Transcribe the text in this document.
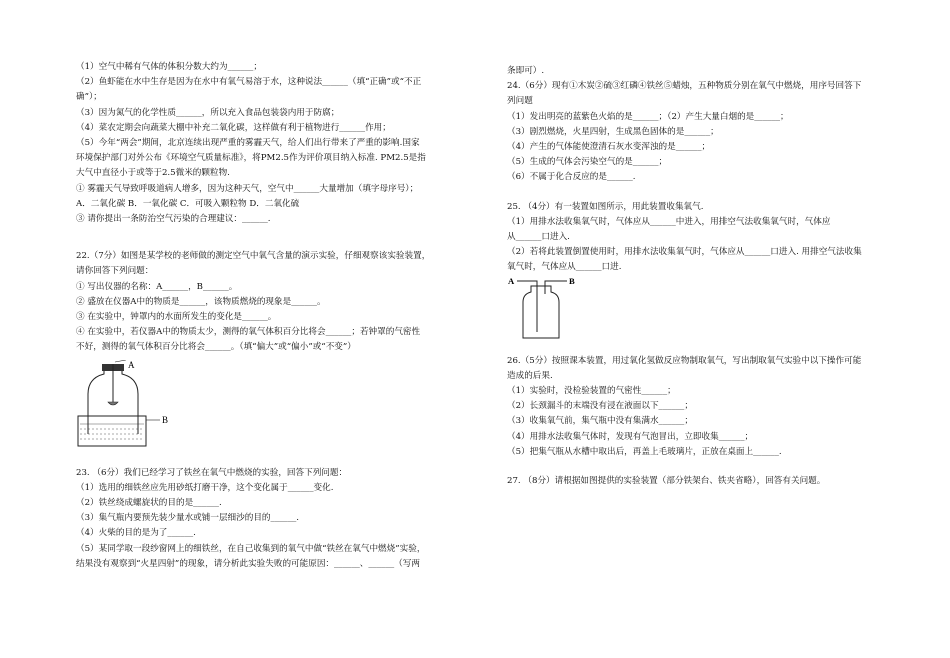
（1）空气中稀有气体的体积分数大约为______；
（2）鱼虾能在水中生存是因为在水中有氧气易溶于水，这种说法______（填“正确”或“不正
确”）；
（3）因为氮气的化学性质______，所以充入食品包装袋内用于防腐；
（4）菜农定期会向蔬菜大棚中补充二氧化碳，这样做有利于植物进行______作用；
（5）今年“两会”期间，北京连续出现严重的雾霾天气，给人们出行带来了严重的影响.国家
环境保护部门对外公布《环境空气质量标准》，将PM2.5作为评价项目纳入标准. PM2.5是指
大气中直径小于或等于2.5微米的颗粒物.
① 雾霾天气导致呼吸道病人增多，因为这种天气，空气中______大量增加（填字母序号）；
A．二氧化碳 B．一氧化碳 C．可吸入颗粒物 D．二氧化硫
③ 请你提出一条防治空气污染的合理建议：______.
22.（7分）如图是某学校的老师做的测定空气中氧气含量的演示实验，仔细观察该实验装置，
请你回答下列问题：
① 写出仪器的名称：A______，B______。
② 盛放在仪器A中的物质是______，该物质燃烧的现象是______。
③ 在实验中，钟罩内的水面所发生的变化是______。
④ 在实验中，若仪器A中的物质太少，测得的氧气体积百分比将会______；若钟罩的气密性
不好，测得的氧气体积百分比将会______。（填“偏大”或“偏小”或“不变”）
A
B
23. （6分）我们已经学习了铁丝在氧气中燃烧的实验，回答下列问题：
（1）选用的细铁丝应先用砂纸打磨干净，这个变化属于______变化.
（2）铁丝绕成螺旋状的目的是______.
（3）集气瓶内要预先装少量水或铺一层细沙的目的______.
（4）火柴的目的是为了______.
（5）某同学取一段纱窗网上的细铁丝，在自己收集到的氧气中做“铁丝在氧气中燃烧”实验，
结果没有观察到“火星四射”的现象，请分析此实验失败的可能原因：______、______（写两
条即可）.
24.（6分）现有①木炭②硫③红磷④铁丝⑤蜡烛，五种物质分别在氧气中燃烧，用序号回答下
列问题
（1）发出明亮的蓝紫色火焰的是______；（2）产生大量白烟的是______；
（3）剧烈燃烧，火星四射，生成黑色固体的是______；
（4）产生的气体能使澄清石灰水变浑浊的是______；
（5）生成的气体会污染空气的是______；
（6）不属于化合反应的是______.
25. （4分）有一装置如图所示，用此装置收集氧气.
（1）用排水法收集氧气时，气体应从______中进入，用排空气法收集氧气时，气体应
从______口进入.
（2）若将此装置倒置使用时，用排水法收集氧气时，气体应从______口进入. 用排空气法收集
氧气时，气体应从______口进.
A	B
26.（5分）按照课本装置，用过氧化氢做反应物制取氧气，写出制取氧气实验中以下操作可能
造成的后果.
（1）实验时，没检验装置的气密性______；
（2）长颈漏斗的末端没有浸在液面以下______；
（3）收集氧气前，集气瓶中没有集满水______；
（4）用排水法收集气体时，发现有气泡冒出，立即收集______；
（5）把集气瓶从水槽中取出后，再盖上毛玻璃片，正放在桌面上______.
27. （8分）请根据如图提供的实验装置（部分铁架台、铁夹省略），回答有关问题。
